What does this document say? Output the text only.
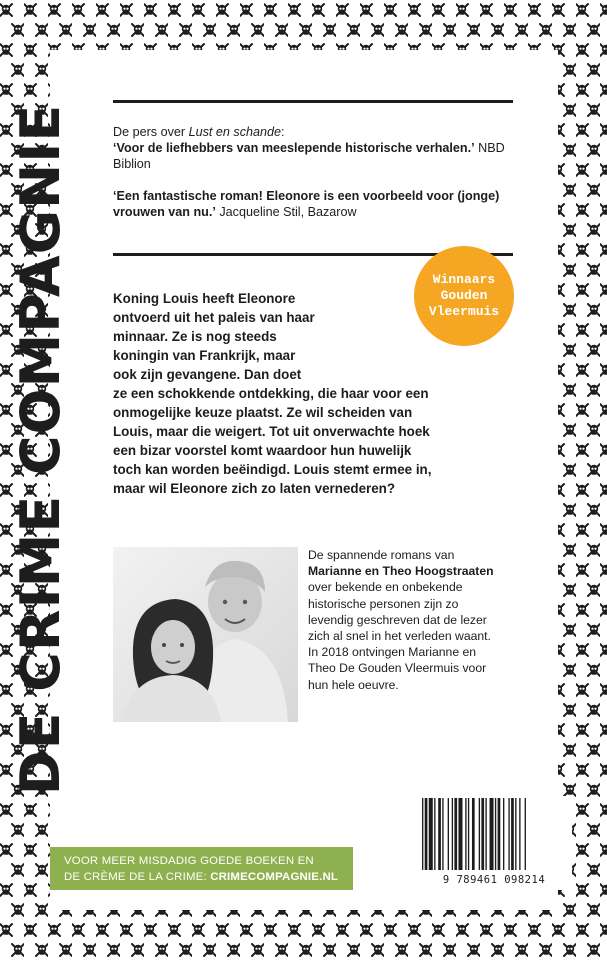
DE CRIME COMPAGNIE	De pers over Lust en schande:

‘Voor de liefhebbers van meeslepende historische verhalen.’ NBD Biblion

‘Een fantastische roman! Eleonore is een voorbeeld voor (jonge) vrouwen van nu.’ Jacqueline Stil, Bazarow

Winnaars
Gouden
Vleermuis
Koning Louis heeft Eleonore
ontvoerd uit het paleis van haar
minnaar. Ze is nog steeds
koningin van Frankrijk, maar
ook zijn gevangene. Dan doet
ze een schokkende ontdekking, die haar voor een
onmogelijke keuze plaatst. Ze wil scheiden van
Louis, maar die weigert. Tot uit onverwachte hoek
een bizar voorstel komt waardoor hun huwelijk
toch kan worden beëindigd. Louis stemt ermee in,
maar wil Eleonore zich zo laten vernederen?
De spannende romans van
Marianne en Theo Hoogstraaten
over bekende en onbekende
historische personen zijn zo
levendig geschreven dat de lezer
zich al snel in het verleden waant.
In 2018 ontvingen Marianne en
Theo De Gouden Vleermuis voor
hun hele oeuvre.
9 789461 098214
VOOR MEER MISDADIG GOEDE BOEKEN EN
DE CRÈME DE LA CRIME: CRIMECOMPAGNIE.NL
